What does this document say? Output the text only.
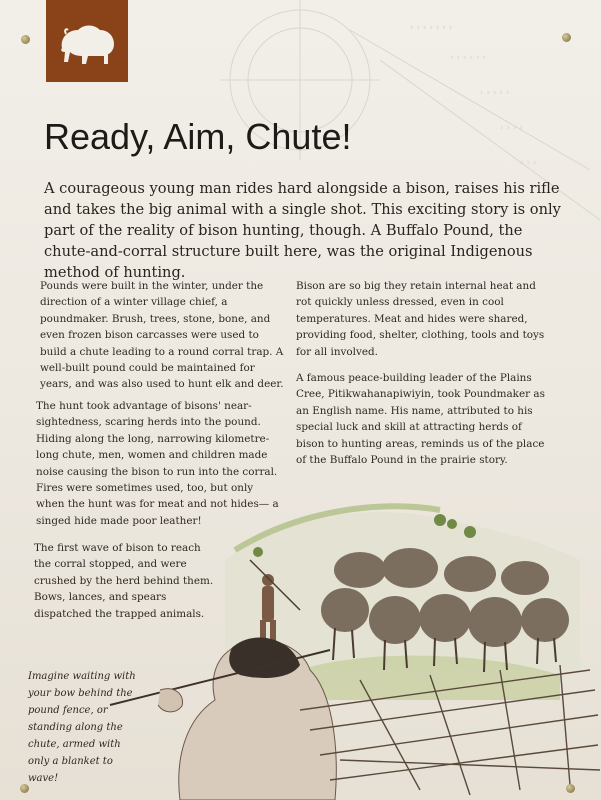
› › › › › › ›
› › › › › ›
› › › › ›
› › › ›
› › ›
Ready, Aim, Chute!
A courageous young man rides hard alongside a bison, raises his rifle and takes the big animal with a single shot. This exciting story is only part of the reality of bison hunting, though. A Buffalo Pound, the chute-and-corral structure built here, was the original Indigenous method of hunting.
Pounds were built in the winter, under the direction of a winter village chief, a poundmaker. Brush, trees, stone, bone, and even frozen bison carcasses were used to build a chute leading to a round corral trap. A well-built pound could be maintained for years, and was also used to hunt elk and deer.
The hunt took advantage of bisons' near-sightedness, scaring herds into the pound. Hiding along the long, narrowing kilometre-long chute, men, women and children made noise causing the bison to run into the corral. Fires were sometimes used, too, but only when the hunt was for meat and not hides— a singed hide made poor leather!
The first wave of bison to reach the corral stopped, and were crushed by the herd behind them. Bows, lances, and spears dispatched the trapped animals.
Bison are so big they retain internal heat and rot quickly unless dressed, even in cool temperatures. Meat and hides were shared, providing food, shelter, clothing, tools and toys for all involved.
A famous peace-building leader of the Plains Cree, Pitikwahanapiwiyin, took Poundmaker as an English name. His name, attributed to his special luck and skill at attracting herds of bison to hunting areas, reminds us of the place of the Buffalo Pound in the prairie story.
Imagine waiting with your bow behind the pound fence, or standing along the chute, armed with only a blanket to wave!
